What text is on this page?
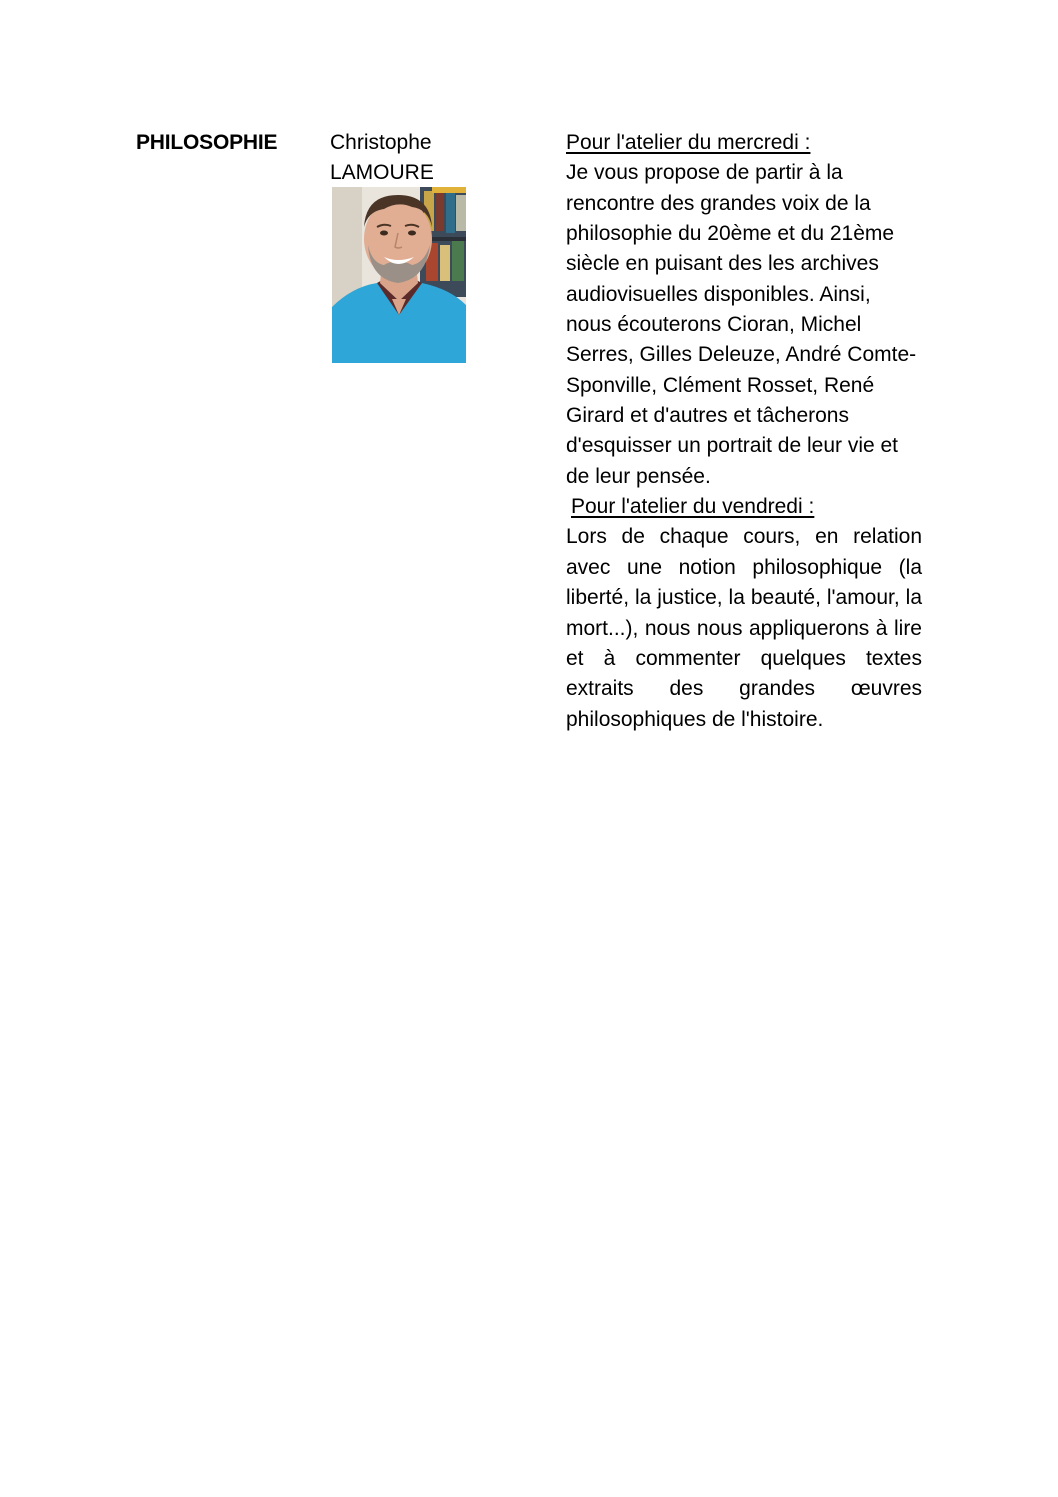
PHILOSOPHIE	Christophe
LAMOURE
Pour l'atelier du mercredi :
Je vous propose de partir à la rencontre des grandes voix de la philosophie du 20ème et du 21ème siècle en puisant des les archives audiovisuelles disponibles. Ainsi, nous écouterons Cioran, Michel Serres, Gilles Deleuze, André Comte-Sponville, Clément Rosset, René Girard et d'autres et tâcherons d'esquisser un portrait de leur vie et de leur pensée.
Pour l'atelier du vendredi :
Lors de chaque cours, en relation avec une notion philosophique (la liberté, la justice, la beauté, l'amour, la mort...), nous nous appliquerons à lire et à commenter quelques textes extraits des grandes œuvres philosophiques de l'histoire.
